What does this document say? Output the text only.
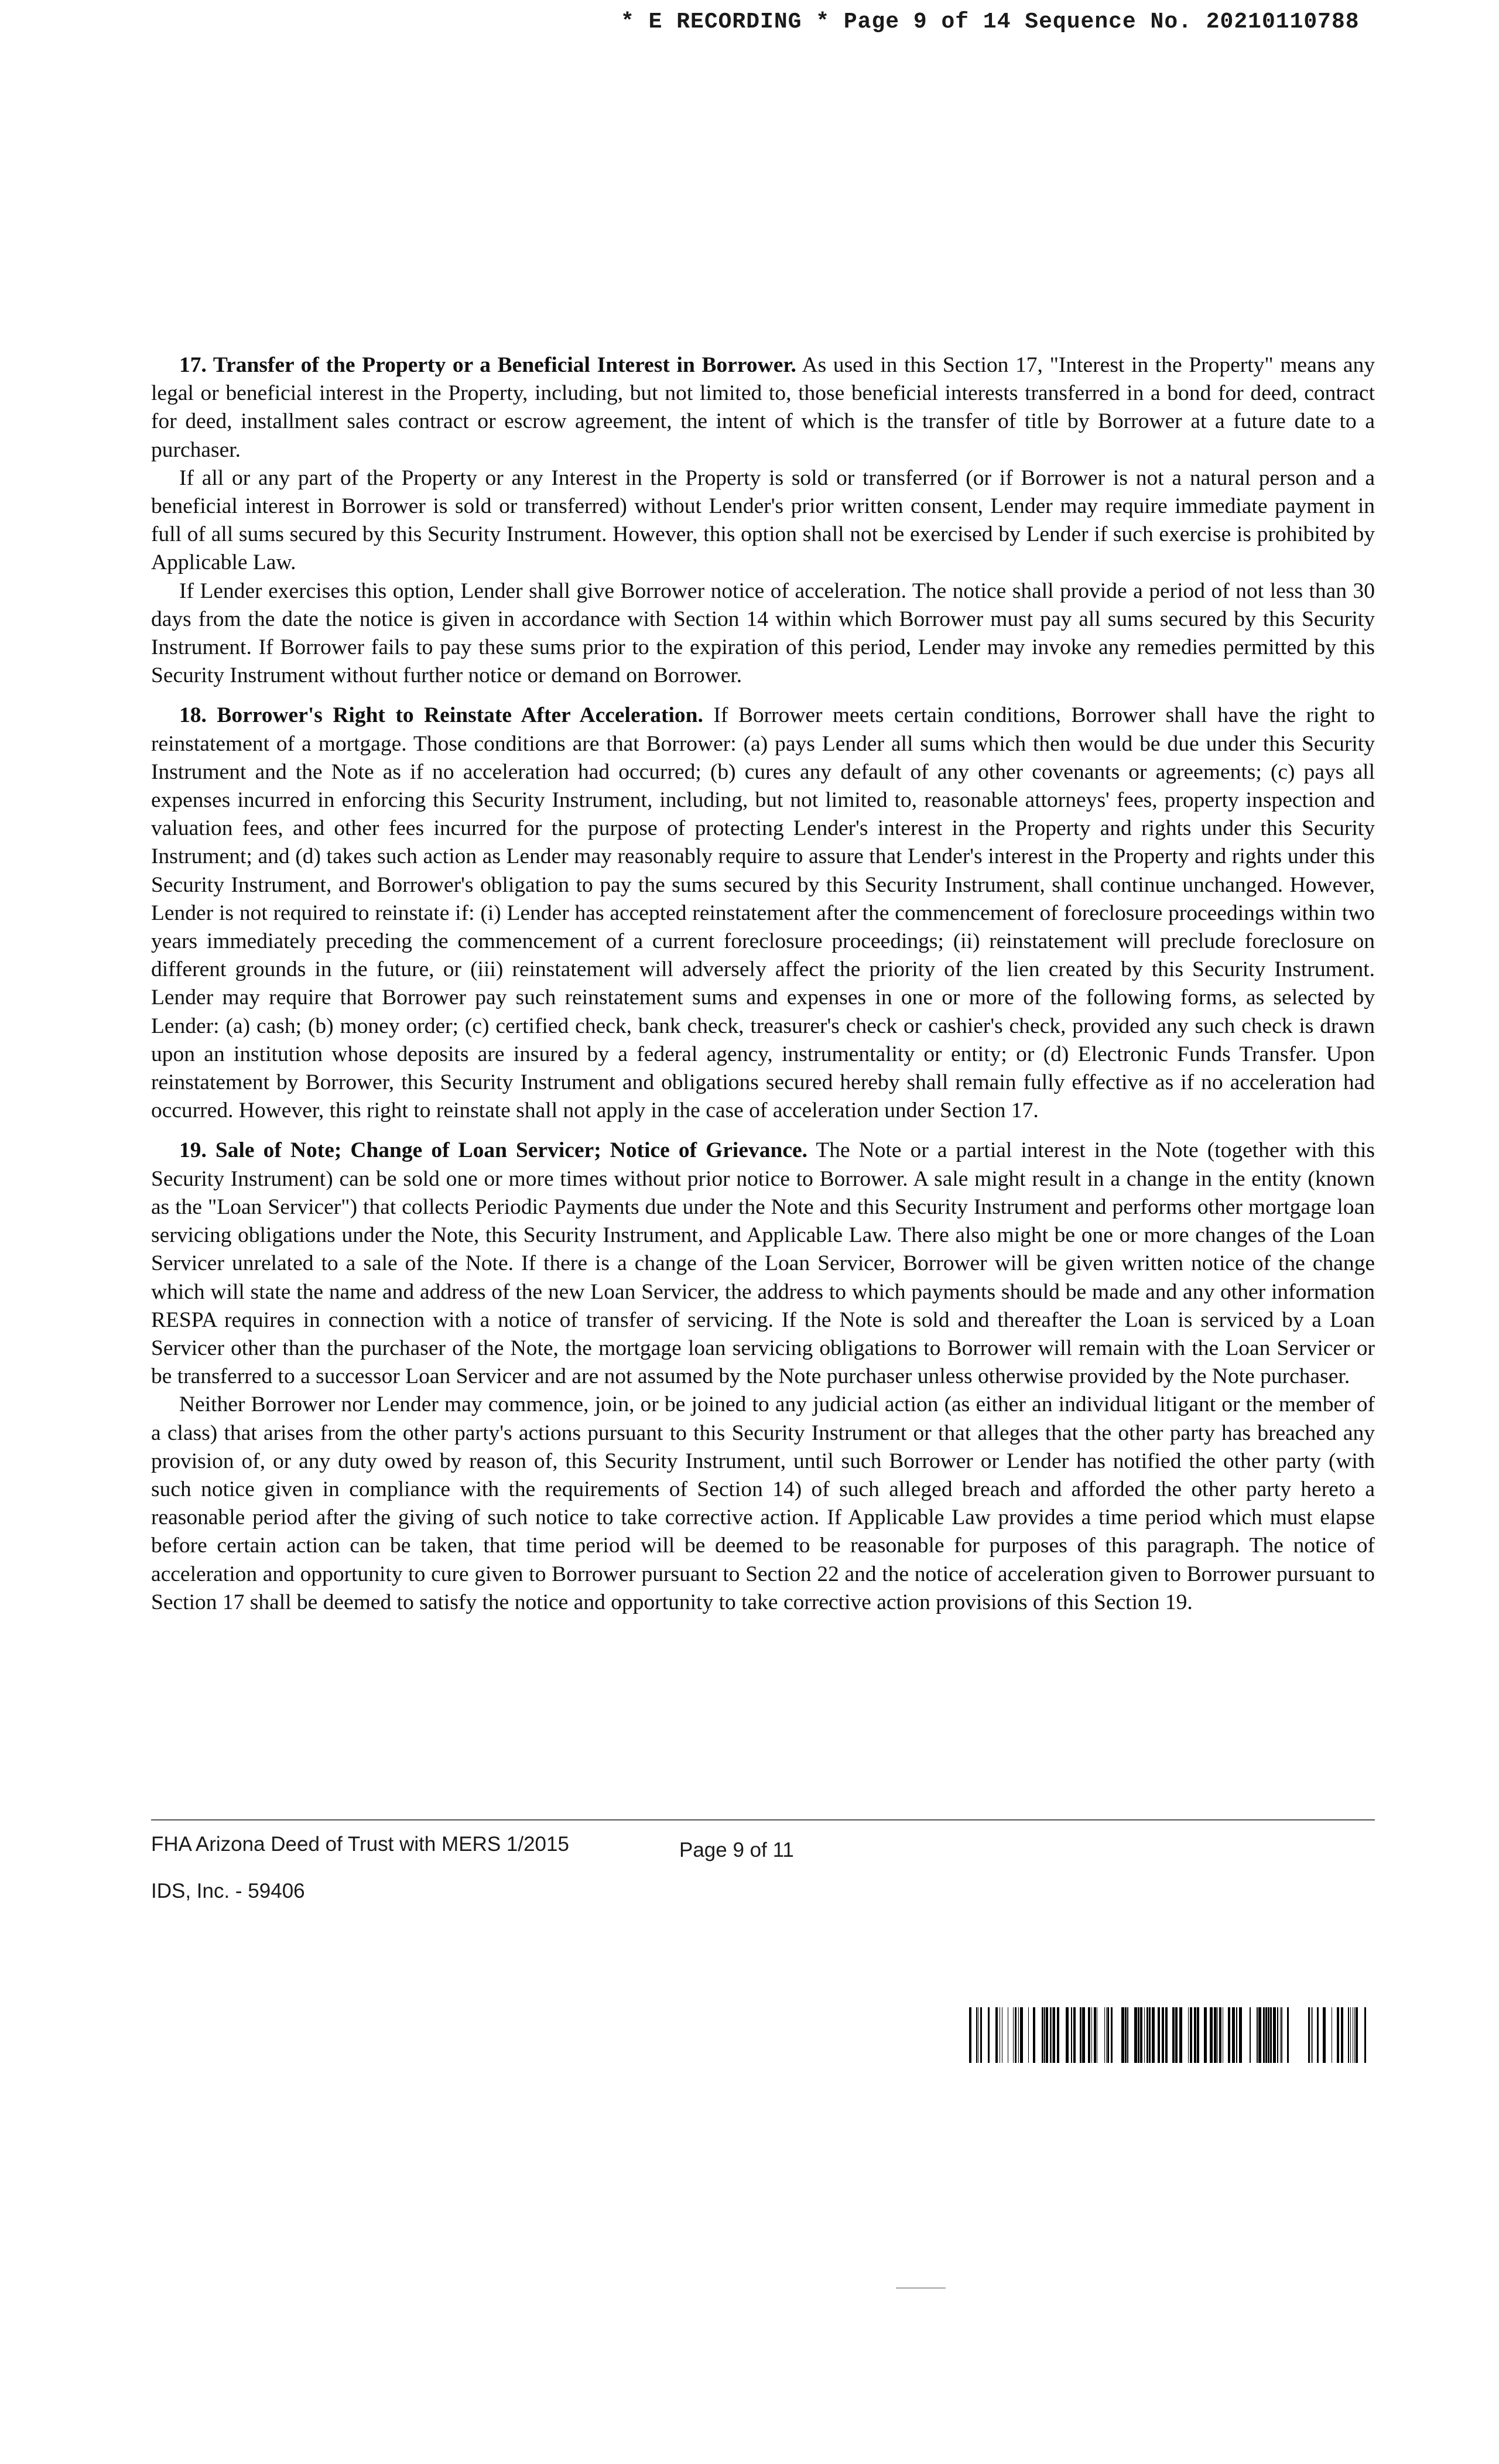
* E RECORDING * Page 9 of 14 Sequence No. 20210110788

17. Transfer of the Property or a Beneficial Interest in Borrower. As used in this Section 17, "Interest in the Property" means any legal or beneficial interest in the Property, including, but not limited to, those beneficial interests transferred in a bond for deed, contract for deed, installment sales contract or escrow agreement, the intent of which is the transfer of title by Borrower at a future date to a purchaser.

If all or any part of the Property or any Interest in the Property is sold or transferred (or if Borrower is not a natural person and a beneficial interest in Borrower is sold or transferred) without Lender's prior written consent, Lender may require immediate payment in full of all sums secured by this Security Instrument. However, this option shall not be exercised by Lender if such exercise is prohibited by Applicable Law.

If Lender exercises this option, Lender shall give Borrower notice of acceleration. The notice shall provide a period of not less than 30 days from the date the notice is given in accordance with Section 14 within which Borrower must pay all sums secured by this Security Instrument. If Borrower fails to pay these sums prior to the expiration of this period, Lender may invoke any remedies permitted by this Security Instrument without further notice or demand on Borrower.

18. Borrower's Right to Reinstate After Acceleration. If Borrower meets certain conditions, Borrower shall have the right to reinstatement of a mortgage. Those conditions are that Borrower: (a) pays Lender all sums which then would be due under this Security Instrument and the Note as if no acceleration had occurred; (b) cures any default of any other covenants or agreements; (c) pays all expenses incurred in enforcing this Security Instrument, including, but not limited to, reasonable attorneys' fees, property inspection and valuation fees, and other fees incurred for the purpose of protecting Lender's interest in the Property and rights under this Security Instrument; and (d) takes such action as Lender may reasonably require to assure that Lender's interest in the Property and rights under this Security Instrument, and Borrower's obligation to pay the sums secured by this Security Instrument, shall continue unchanged. However, Lender is not required to reinstate if: (i) Lender has accepted reinstatement after the commencement of foreclosure proceedings within two years immediately preceding the commencement of a current foreclosure proceedings; (ii) reinstatement will preclude foreclosure on different grounds in the future, or (iii) reinstatement will adversely affect the priority of the lien created by this Security Instrument. Lender may require that Borrower pay such reinstatement sums and expenses in one or more of the following forms, as selected by Lender: (a) cash; (b) money order; (c) certified check, bank check, treasurer's check or cashier's check, provided any such check is drawn upon an institution whose deposits are insured by a federal agency, instrumentality or entity; or (d) Electronic Funds Transfer. Upon reinstatement by Borrower, this Security Instrument and obligations secured hereby shall remain fully effective as if no acceleration had occurred. However, this right to reinstate shall not apply in the case of acceleration under Section 17.

19. Sale of Note; Change of Loan Servicer; Notice of Grievance. The Note or a partial interest in the Note (together with this Security Instrument) can be sold one or more times without prior notice to Borrower. A sale might result in a change in the entity (known as the "Loan Servicer") that collects Periodic Payments due under the Note and this Security Instrument and performs other mortgage loan servicing obligations under the Note, this Security Instrument, and Applicable Law. There also might be one or more changes of the Loan Servicer unrelated to a sale of the Note. If there is a change of the Loan Servicer, Borrower will be given written notice of the change which will state the name and address of the new Loan Servicer, the address to which payments should be made and any other information RESPA requires in connection with a notice of transfer of servicing. If the Note is sold and thereafter the Loan is serviced by a Loan Servicer other than the purchaser of the Note, the mortgage loan servicing obligations to Borrower will remain with the Loan Servicer or be transferred to a successor Loan Servicer and are not assumed by the Note purchaser unless otherwise provided by the Note purchaser.

Neither Borrower nor Lender may commence, join, or be joined to any judicial action (as either an individual litigant or the member of a class) that arises from the other party's actions pursuant to this Security Instrument or that alleges that the other party has breached any provision of, or any duty owed by reason of, this Security Instrument, until such Borrower or Lender has notified the other party (with such notice given in compliance with the requirements of Section 14) of such alleged breach and afforded the other party hereto a reasonable period after the giving of such notice to take corrective action. If Applicable Law provides a time period which must elapse before certain action can be taken, that time period will be deemed to be reasonable for purposes of this paragraph. The notice of acceleration and opportunity to cure given to Borrower pursuant to Section 22 and the notice of acceleration given to Borrower pursuant to Section 17 shall be deemed to satisfy the notice and opportunity to take corrective action provisions of this Section 19.

FHA Arizona Deed of Trust with MERS 1/2015
IDS, Inc. - 59406
Page 9 of 11
